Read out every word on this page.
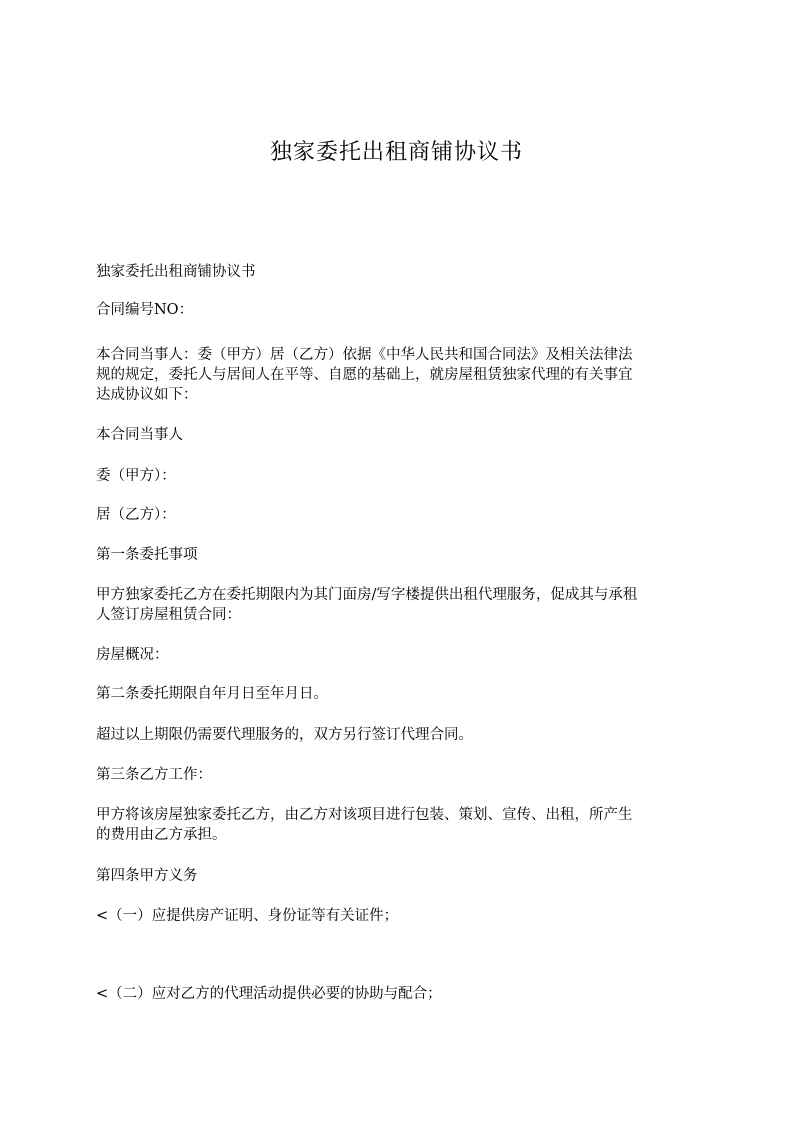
独家委托出租商铺协议书
独家委托出租商铺协议书
合同编号NO：
本合同当事人：委（甲方）居（乙方）依据《中华人民共和国合同法》及相关法律法
规的规定，委托人与居间人在平等、自愿的基础上，就房屋租赁独家代理的有关事宜
达成协议如下：
本合同当事人
委（甲方）：
居（乙方）：
第一条委托事项
甲方独家委托乙方在委托期限内为其门面房/写字楼提供出租代理服务，促成其与承租
人签订房屋租赁合同：
房屋概况：
第二条委托期限自年月日至年月日。
超过以上期限仍需要代理服务的，双方另行签订代理合同。
第三条乙方工作：
甲方将该房屋独家委托乙方，由乙方对该项目进行包装、策划、宣传、出租，所产生
的费用由乙方承担。
第四条甲方义务
<（一）应提供房产证明、身份证等有关证件；
<（二）应对乙方的代理活动提供必要的协助与配合；
